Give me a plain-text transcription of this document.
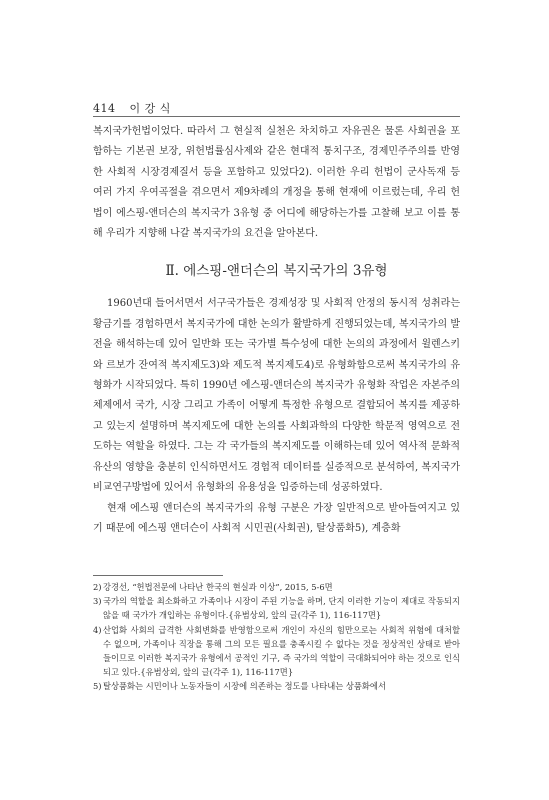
414 이 강 식

복지국가헌법이었다. 따라서 그 현실적 실천은 차치하고 자유권은 물론 사회권을 포함하는 기본권 보장, 위헌법률심사제와 같은 현대적 통치구조, 경제민주주의를 반영한 사회적 시장경제질서 등을 포함하고 있었다2). 이러한 우리 헌법이 군사독재 등 여러 가지 우여곡절을 겪으면서 제9차례의 개정을 통해 현재에 이르렀는데, 우리 헌법이 에스핑-앤더슨의 복지국가 3유형 중 어디에 해당하는가를 고찰해 보고 이를 통해 우리가 지향해 나갈 복지국가의 요건을 알아본다.

Ⅱ. 에스핑-앤더슨의 복지국가의 3유형

1960년대 들어서면서 서구국가들은 경제성장 및 사회적 안정의 동시적 성취라는 황금기를 경험하면서 복지국가에 대한 논의가 활발하게 진행되었는데, 복지국가의 발전을 해석하는데 있어 일반화 또는 국가별 특수성에 대한 논의의 과정에서 윌렌스키와 르보가 잔여적 복지제도3)와 제도적 복지제도4)로 유형화함으로써 복지국가의 유형화가 시작되었다. 특히 1990년 에스핑-앤더슨의 복지국가 유형화 작업은 자본주의 체제에서 국가, 시장 그리고 가족이 어떻게 특정한 유형으로 결합되어 복지를 제공하고 있는지 설명하며 복지제도에 대한 논의를 사회과학의 다양한 학문적 영역으로 전도하는 역할을 하였다. 그는 각 국가들의 복지제도를 이해하는데 있어 역사적 문화적 유산의 영향을 충분히 인식하면서도 경험적 데이터를 실증적으로 분석하여, 복지국가 비교연구방법에 있어서 유형화의 유용성을 입증하는데 성공하였다.

현재 에스핑 앤더슨의 복지국가의 유형 구분은 가장 일반적으로 받아들여지고 있기 때문에 에스핑 앤더슨이 사회적 시민권(사회권), 탈상품화5), 계층화

2) 강경선, “헌법전문에 나타난 한국의 현실과 이상”, 2015, 5-6면
3) 국가의 역할을 최소화하고 가족이나 시장이 주된 기능을 하며, 단지 이러한 기능이 제대로 작동되지 않을 때 국가가 개입하는 유형이다.{유범상외, 앞의 글(각주 1), 116-117면}
4) 산업화 사회의 급격한 사회변화를 반영함으로써 개인이 자신의 힘만으로는 사회적 위험에 대처할 수 없으며, 가족이나 직장을 통해 그의 모든 필요를 충족시킬 수 없다는 것을 정상적인 상태로 받아들이므로 이러한 복지국가 유형에서 공적인 기구, 즉 국가의 역할이 극대화되어야 하는 것으로 인식되고 있다.{유범상외, 앞의 글(각주 1), 116-117면}
5) 탈상품화는 시민이나 노동자들이 시장에 의존하는 정도를 나타내는 상품화에서
